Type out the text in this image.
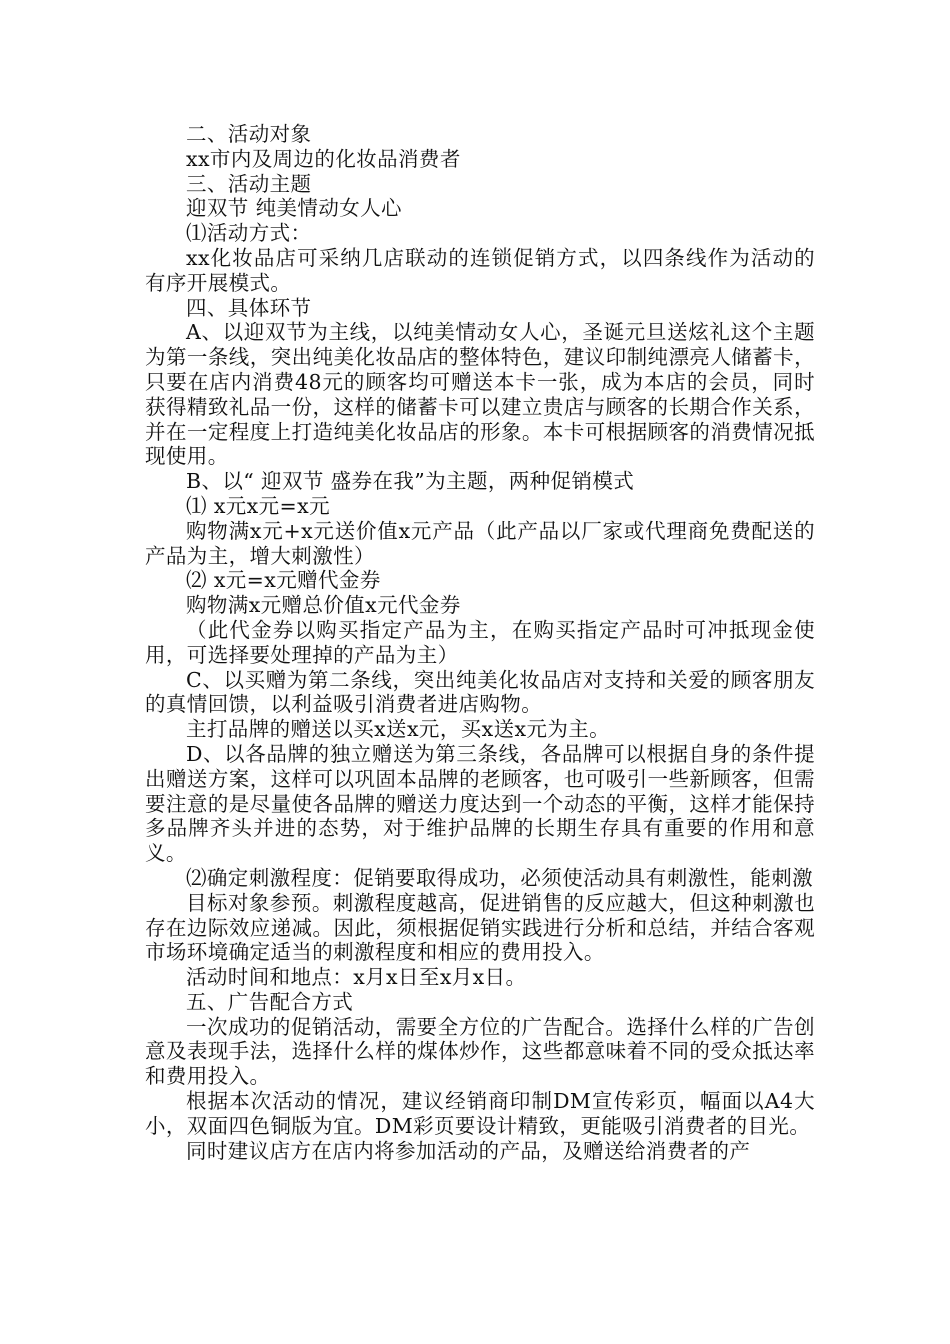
二、活动对象

xx市内及周边的化妆品消费者

三、活动主题

迎双节 纯美情动女人心

⑴活动方式：

xx化妆品店可采纳几店联动的连锁促销方式，以四条线作为活动的有序开展模式。

四、具体环节

A、以迎双节为主线，以纯美情动女人心，圣诞元旦送炫礼这个主题为第一条线，突出纯美化妆品店的整体特色，建议印制纯漂亮人储蓄卡，只要在店内消费48元的顾客均可赠送本卡一张，成为本店的会员，同时获得精致礼品一份，这样的储蓄卡可以建立贵店与顾客的长期合作关系，并在一定程度上打造纯美化妆品店的形象。本卡可根据顾客的消费情况抵现使用。

B、以“ 迎双节 盛券在我”为主题，两种促销模式

⑴ x元x元=x元

购物满x元+x元送价值x元产品（此产品以厂家或代理商免费配送的产品为主，增大刺激性）

⑵ x元=x元赠代金券

购物满x元赠总价值x元代金券

（此代金券以购买指定产品为主，在购买指定产品时可冲抵现金使用，可选择要处理掉的产品为主）

C、以买赠为第二条线，突出纯美化妆品店对支持和关爱的顾客朋友的真情回馈，以利益吸引消费者进店购物。

主打品牌的赠送以买x送x元，买x送x元为主。

D、以各品牌的独立赠送为第三条线，各品牌可以根据自身的条件提出赠送方案，这样可以巩固本品牌的老顾客，也可吸引一些新顾客，但需要注意的是尽量使各品牌的赠送力度达到一个动态的平衡，这样才能保持多品牌齐头并进的态势，对于维护品牌的长期生存具有重要的作用和意义。

⑵确定刺激程度：促销要取得成功，必须使活动具有刺激性，能刺激

目标对象参预。刺激程度越高，促进销售的反应越大，但这种刺激也存在边际效应递减。因此，须根据促销实践进行分析和总结，并结合客观市场环境确定适当的刺激程度和相应的费用投入。

活动时间和地点：x月x日至x月x日。

五、广告配合方式

一次成功的促销活动，需要全方位的广告配合。选择什么样的广告创意及表现手法，选择什么样的煤体炒作，这些都意味着不同的受众抵达率和费用投入。

根据本次活动的情况，建议经销商印制DM宣传彩页，幅面以A4大小，双面四色铜版为宜。DM彩页要设计精致，更能吸引消费者的目光。

同时建议店方在店内将参加活动的产品，及赠送给消费者的产
